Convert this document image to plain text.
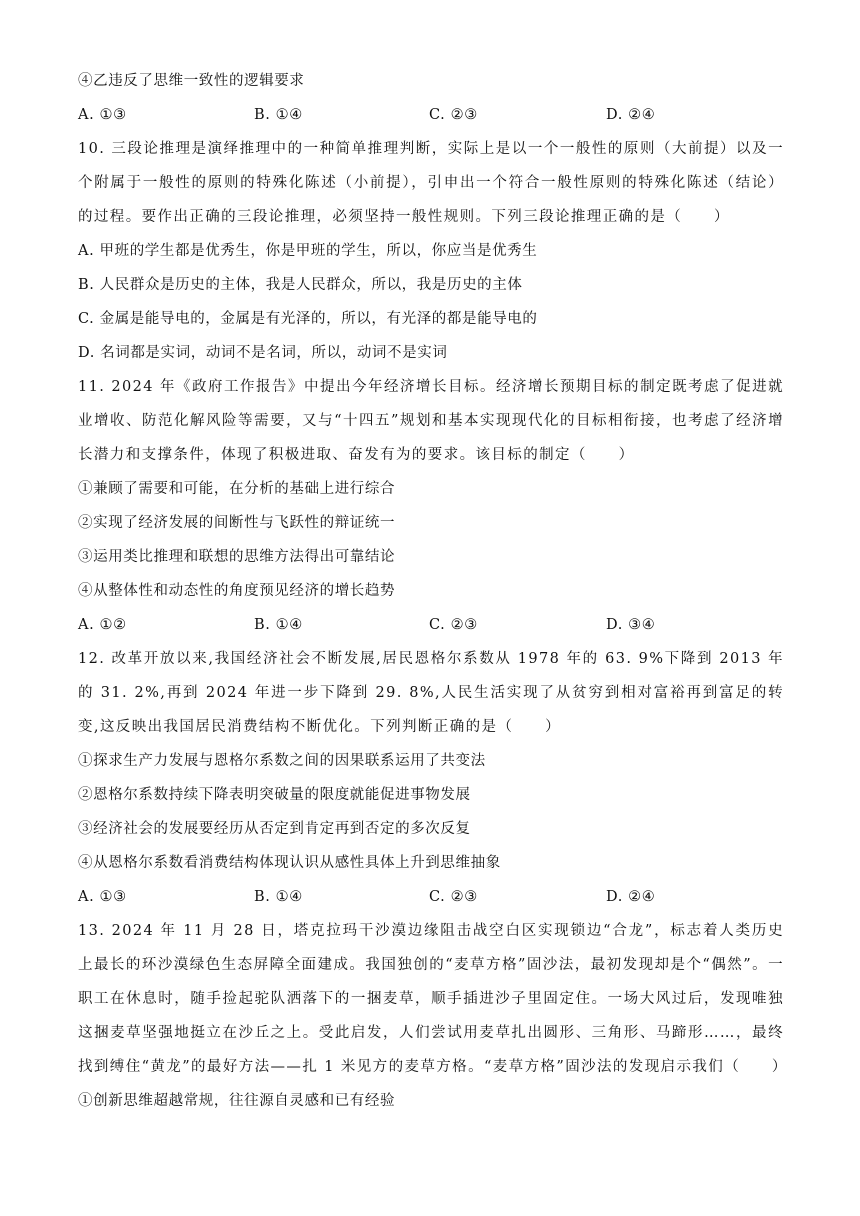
④乙违反了思维一致性的逻辑要求
A. ①③	B. ①④	C. ②③	D. ②④
10. 三段论推理是演绎推理中的一种简单推理判断，实际上是以一个一般性的原则（大前提）以及一个附属于一般性的原则的特殊化陈述（小前提），引申出一个符合一般性原则的特殊化陈述（结论）的过程。要作出正确的三段论推理，必须坚持一般性规则。下列三段论推理正确的是（　　）
A. 甲班的学生都是优秀生，你是甲班的学生，所以，你应当是优秀生
B. 人民群众是历史的主体，我是人民群众，所以，我是历史的主体
C. 金属是能导电的，金属是有光泽的，所以，有光泽的都是能导电的
D. 名词都是实词，动词不是名词，所以，动词不是实词
11. 2024 年《政府工作报告》中提出今年经济增长目标。经济增长预期目标的制定既考虑了促进就业增收、防范化解风险等需要，又与“十四五”规划和基本实现现代化的目标相衔接，也考虑了经济增长潜力和支撑条件，体现了积极进取、奋发有为的要求。该目标的制定（　　）
①兼顾了需要和可能，在分析的基础上进行综合
②实现了经济发展的间断性与飞跃性的辩证统一
③运用类比推理和联想的思维方法得出可靠结论
④从整体性和动态性的角度预见经济的增长趋势
A. ①②	B. ①④	C. ②③	D. ③④
12. 改革开放以来,我国经济社会不断发展,居民恩格尔系数从 1978 年的 63. 9%下降到 2013 年的 31. 2%,再到 2024 年进一步下降到 29. 8%,人民生活实现了从贫穷到相对富裕再到富足的转变,这反映出我国居民消费结构不断优化。下列判断正确的是（　　）
①探求生产力发展与恩格尔系数之间的因果联系运用了共变法
②恩格尔系数持续下降表明突破量的限度就能促进事物发展
③经济社会的发展要经历从否定到肯定再到否定的多次反复
④从恩格尔系数看消费结构体现认识从感性具体上升到思维抽象
A. ①③	B. ①④	C. ②③	D. ②④
13. 2024 年 11 月 28 日，塔克拉玛干沙漠边缘阻击战空白区实现锁边“合龙”，标志着人类历史上最长的环沙漠绿色生态屏障全面建成。我国独创的“麦草方格”固沙法，最初发现却是个“偶然”。一职工在休息时，随手捡起驼队洒落下的一捆麦草，顺手插进沙子里固定住。一场大风过后，发现唯独这捆麦草坚强地挺立在沙丘之上。受此启发，人们尝试用麦草扎出圆形、三角形、马蹄形……，最终找到缚住“黄龙”的最好方法——扎 1 米见方的麦草方格。“麦草方格”固沙法的发现启示我们（　　）
①创新思维超越常规，往往源自灵感和已有经验
